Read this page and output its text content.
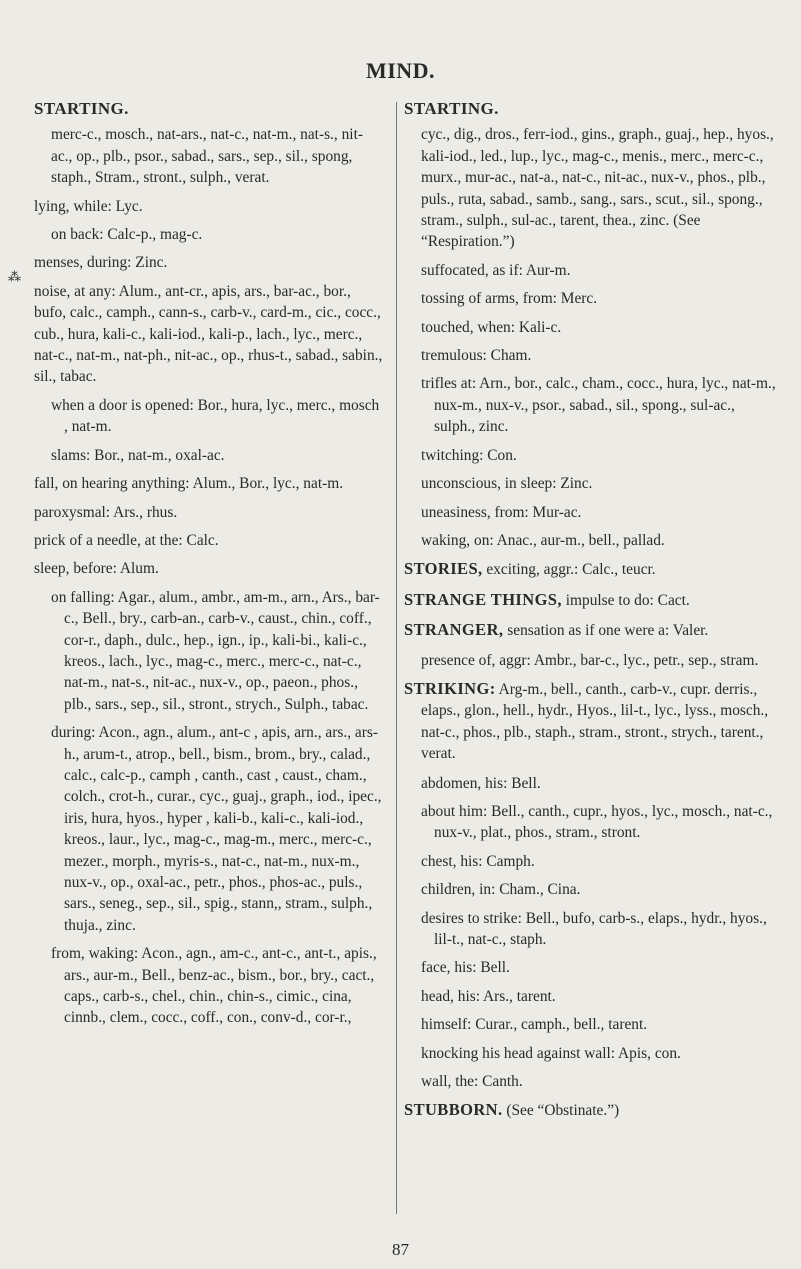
MIND.
⁂
STARTING.
merc-c., mosch., nat-ars., nat-c., nat-m., nat-s., nit-ac., op., plb., psor., sabad., sars., sep., sil., spong, staph., Stram., stront., sulph., verat.
lying, while: Lyc.
on back: Calc-p., mag-c.
menses, during: Zinc.
noise, at any: Alum., ant-cr., apis, ars., bar-ac., bor., bufo, calc., camph., cann-s., carb-v., card-m., cic., cocc., cub., hura, kali-c., kali-iod., kali-p., lach., lyc., merc., nat-c., nat-m., nat-ph., nit-ac., op., rhus-t., sabad., sabin., sil., tabac.
when a door is opened: Bor., hura, lyc., merc., mosch , nat-m.
slams: Bor., nat-m., oxal-ac.
fall, on hearing anything: Alum., Bor., lyc., nat-m.
paroxysmal: Ars., rhus.
prick of a needle, at the: Calc.
sleep, before: Alum.
on falling: Agar., alum., ambr., am-m., arn., Ars., bar-c., Bell., bry., carb-an., carb-v., caust., chin., coff., cor-r., daph., dulc., hep., ign., ip., kali-bi., kali-c., kreos., lach., lyc., mag-c., merc., merc-c., nat-c., nat-m., nat-s., nit-ac., nux-v., op., paeon., phos., plb., sars., sep., sil., stront., strych., Sulph., tabac.
during: Acon., agn., alum., ant-c , apis, arn., ars., ars-h., arum-t., atrop., bell., bism., brom., bry., calad., calc., calc-p., camph , canth., cast , caust., cham., colch., crot-h., curar., cyc., guaj., graph., iod., ipec., iris, hura, hyos., hyper , kali-b., kali-c., kali-iod., kreos., laur., lyc., mag-c., mag-m., merc., merc-c., mezer., morph., myris-s., nat-c., nat-m., nux-m., nux-v., op., oxal-ac., petr., phos., phos-ac., puls., sars., seneg., sep., sil., spig., stann,, stram., sulph., thuja., zinc.
from, waking: Acon., agn., am-c., ant-c., ant-t., apis., ars., aur-m., Bell., benz-ac., bism., bor., bry., cact., caps., carb-s., chel., chin., chin-s., cimic., cina, cinnb., clem., cocc., coff., con., conv-d., cor-r.,
STARTING.
cyc., dig., dros., ferr-iod., gins., graph., guaj., hep., hyos., kali-iod., led., lup., lyc., mag-c., menis., merc., merc-c., murx., mur-ac., nat-a., nat-c., nit-ac., nux-v., phos., plb., puls., ruta, sabad., samb., sang., sars., scut., sil., spong., stram., sulph., sul-ac., tarent, thea., zinc. (See “Respiration.”)
suffocated, as if: Aur-m.
tossing of arms, from: Merc.
touched, when: Kali-c.
tremulous: Cham.
trifles at: Arn., bor., calc., cham., cocc., hura, lyc., nat-m., nux-m., nux-v., psor., sabad., sil., spong., sul-ac., sulph., zinc.
twitching: Con.
unconscious, in sleep: Zinc.
uneasiness, from: Mur-ac.
waking, on: Anac., aur-m., bell., pallad.
STORIES, exciting, aggr.: Calc., teucr.
STRANGE THINGS, impulse to do: Cact.
STRANGER, sensation as if one were a: Valer.
presence of, aggr: Ambr., bar-c., lyc., petr., sep., stram.
STRIKING: Arg-m., bell., canth., carb-v., cupr. derris., elaps., glon., hell., hydr., Hyos., lil-t., lyc., lyss., mosch., nat-c., phos., plb., staph., stram., stront., strych., tarent., verat.
abdomen, his: Bell.
about him: Bell., canth., cupr., hyos., lyc., mosch., nat-c., nux-v., plat., phos., stram., stront.
chest, his: Camph.
children, in: Cham., Cina.
desires to strike: Bell., bufo, carb-s., elaps., hydr., hyos., lil-t., nat-c., staph.
face, his: Bell.
head, his: Ars., tarent.
himself: Curar., camph., bell., tarent.
knocking his head against wall: Apis, con.
wall, the: Canth.
STUBBORN. (See “Obstinate.”)
87
